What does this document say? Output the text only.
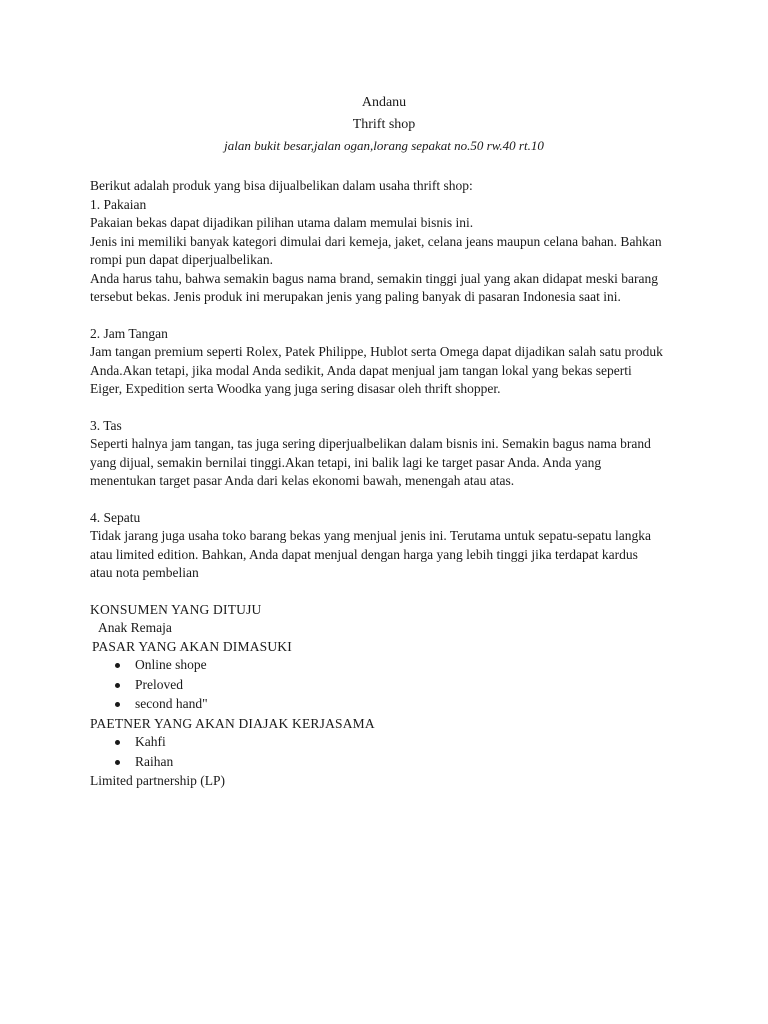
Andanu
Thrift shop
jalan bukit besar,jalan ogan,lorang sepakat no.50 rw.40 rt.10

Berikut adalah produk yang bisa dijualbelikan dalam usaha thrift shop:

1. Pakaian

Pakaian bekas dapat dijadikan pilihan utama dalam memulai bisnis ini.

Jenis ini memiliki banyak kategori dimulai dari kemeja, jaket, celana jeans maupun celana bahan. Bahkan

rompi pun dapat diperjualbelikan.

Anda harus tahu, bahwa semakin bagus nama brand, semakin tinggi jual yang akan didapat meski barang

tersebut bekas. Jenis produk ini merupakan jenis yang paling banyak di pasaran Indonesia saat ini.

2. Jam Tangan

Jam tangan premium seperti Rolex, Patek Philippe, Hublot serta Omega dapat dijadikan salah satu produk

Anda.Akan tetapi, jika modal Anda sedikit, Anda dapat menjual jam tangan lokal yang bekas seperti

Eiger, Expedition serta Woodka yang juga sering disasar oleh thrift shopper.

3. Tas

Seperti halnya jam tangan, tas juga sering diperjualbelikan dalam bisnis ini. Semakin bagus nama brand

yang dijual, semakin bernilai tinggi.Akan tetapi, ini balik lagi ke target pasar Anda. Anda yang

menentukan target pasar Anda dari kelas ekonomi bawah, menengah atau atas.

4. Sepatu

Tidak jarang juga usaha toko barang bekas yang menjual jenis ini. Terutama untuk sepatu-sepatu langka

atau limited edition. Bahkan, Anda dapat menjual dengan harga yang lebih tinggi jika terdapat kardus

atau nota pembelian

KONSUMEN YANG DITUJU

Anak Remaja

PASAR YANG AKAN DIMASUKI

Online shope
Preloved
second hand"

PAETNER YANG AKAN DIAJAK KERJASAMA

Kahfi
Raihan

Limited partnership (LP)
